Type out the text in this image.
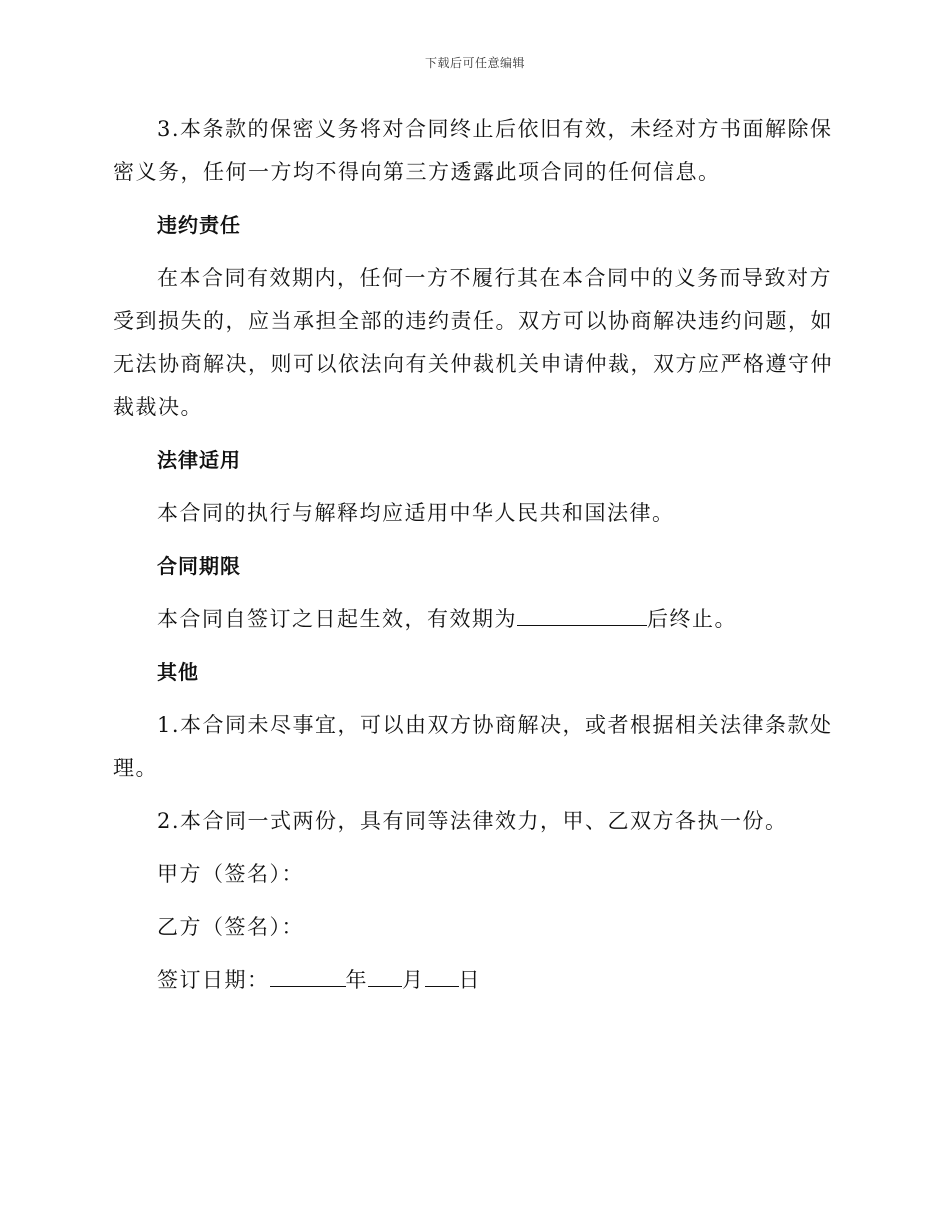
下载后可任意编辑

3.本条款的保密义务将对合同终止后依旧有效，未经对方书面解除保密义务，任何一方均不得向第三方透露此项合同的任何信息。

违约责任

在本合同有效期内，任何一方不履行其在本合同中的义务而导致对方受到损失的，应当承担全部的违约责任。双方可以协商解决违约问题，如无法协商解决，则可以依法向有关仲裁机关申请仲裁，双方应严格遵守仲裁裁决。

法律适用

本合同的执行与解释均应适用中华人民共和国法律。

合同期限

本合同自签订之日起生效，有效期为	后终止。

其他

1.本合同未尽事宜，可以由双方协商解决，或者根据相关法律条款处理。

2.本合同一式两份，具有同等法律效力，甲、乙双方各执一份。

甲方（签名）：

乙方（签名）：

签订日期：	年 月 日
